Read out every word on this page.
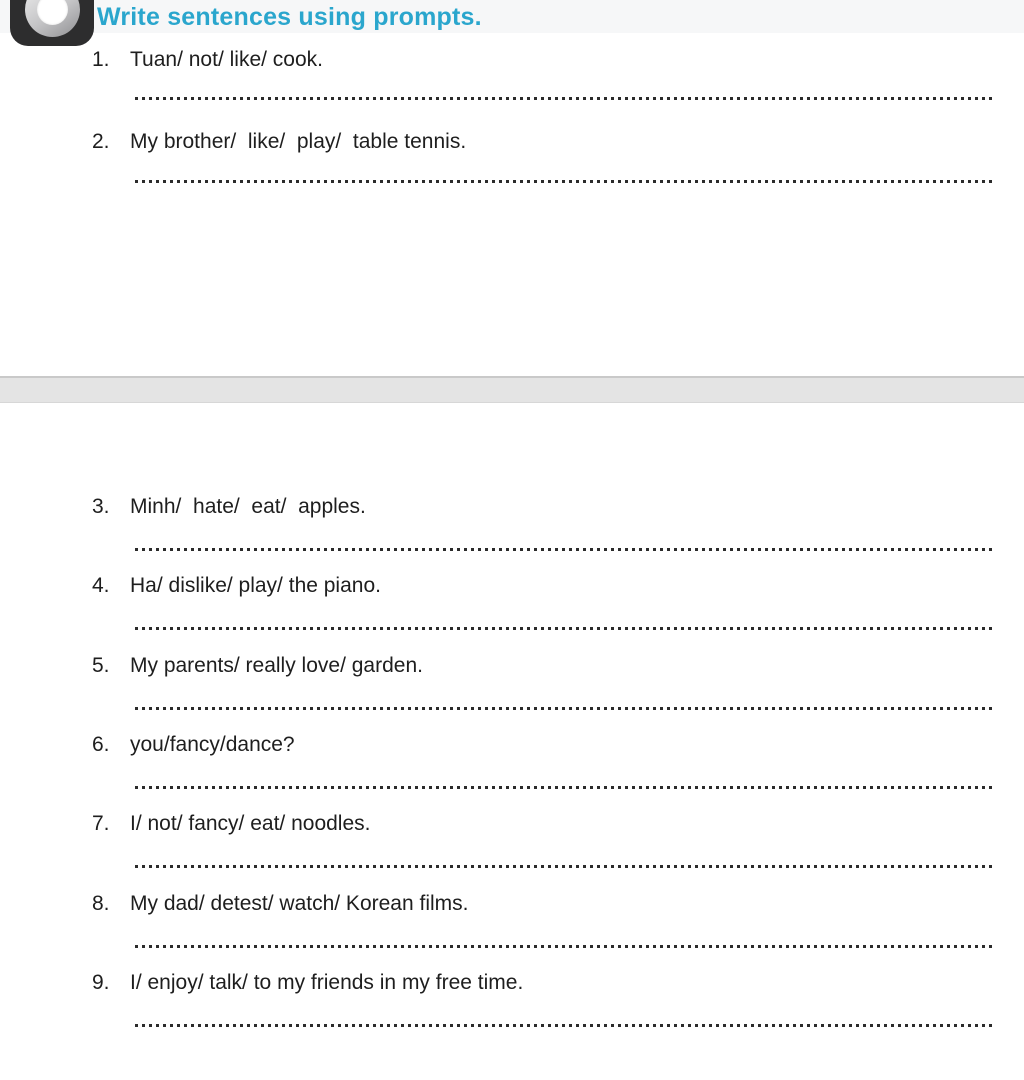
Write sentences using prompts.
1. Tuan/ not/ like/ cook.
2. My brother/  like/  play/  table tennis.
3. Minh/  hate/  eat/  apples.
4. Ha/ dislike/ play/ the piano.
5. My parents/ really love/ garden.
6. you/fancy/dance?
7. I/ not/ fancy/ eat/ noodles.
8. My dad/ detest/ watch/ Korean films.
9. I/ enjoy/ talk/ to my friends in my free time.
